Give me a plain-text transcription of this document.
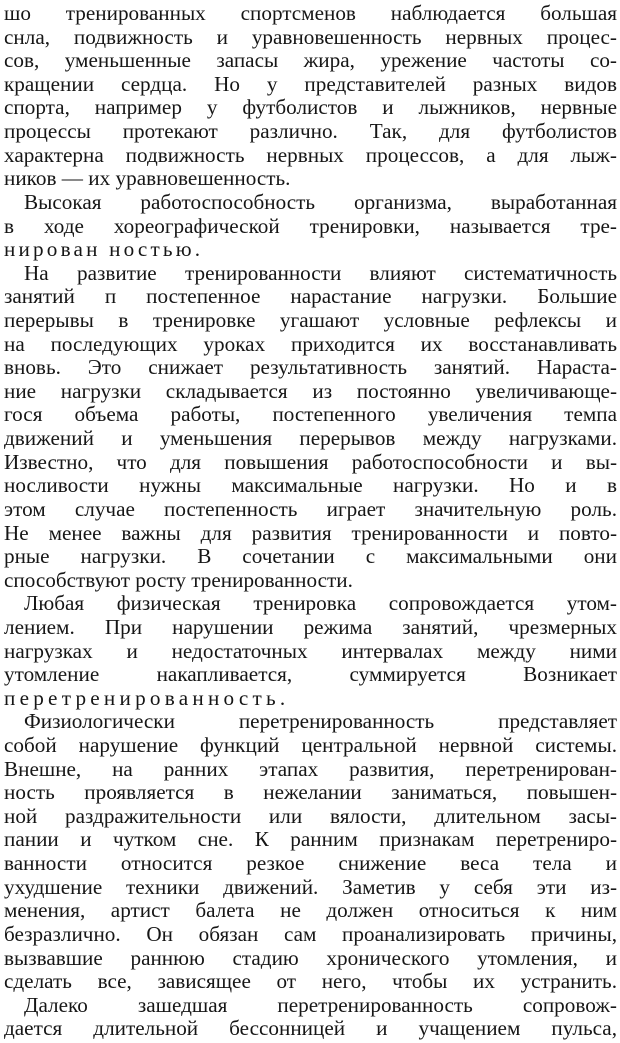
шо тренированных спортсменов наблюдается большая
снла, подвижность и уравновешенность нервных процес-
сов, уменьшенные запасы жира, урежение частоты со-
кращении сердца. Но у представителей разных видов
спорта, например у футболистов и лыжников, нервные
процессы протекают различно. Так, для футболистов
характерна подвижность нервных процессов, а для лыж-
ников — их уравновешенность.
Высокая работоспособность организма, выработанная
в ходе хореографической тренировки, называется тре-
нирован ностью.
На развитие тренированности влияют систематичность
занятий п постепенное нарастание нагрузки. Большие
перерывы в тренировке угашают условные рефлексы и
на последующих уроках приходится их восстанавливать
вновь. Это снижает результативность занятий. Нараста-
ние нагрузки складывается из постоянно увеличивающе-
гося объема работы, постепенного увеличения темпа
движений и уменьшения перерывов между нагрузками.
Известно, что для повышения работоспособности и вы-
носливости нужны максимальные нагрузки. Но и в
этом случае постепенность играет значительную роль.
Не менее важны для развития тренированности и повто-
рные нагрузки. В сочетании с максимальными они
способствуют росту тренированности.
Любая физическая тренировка сопровождается утом-
лением. При нарушении режима занятий, чрезмерных
нагрузках и недостаточных интервалах между ними
утомление накапливается, суммируется Возникает
перетренированность.
Физиологически перетренированность представляет
собой нарушение функций центральной нервной системы.
Внешне, на ранних этапах развития, перетренирован-
ность проявляется в нежелании заниматься, повышен-
ной раздражительности или вялости, длительном засы-
пании и чутком сне. К ранним признакам перетрениро-
ванности относится резкое снижение веса тела и
ухудшение техники движений. Заметив у себя эти из-
менения, артист балета не должен относиться к ним
безразлично. Он обязан сам проанализировать причины,
вызвавшие раннюю стадию хронического утомления, и
сделать все, зависящее от него, чтобы их устранить.
Далеко зашедшая перетренированность сопровож-
дается длительной бессонницей и учащением пульса,
